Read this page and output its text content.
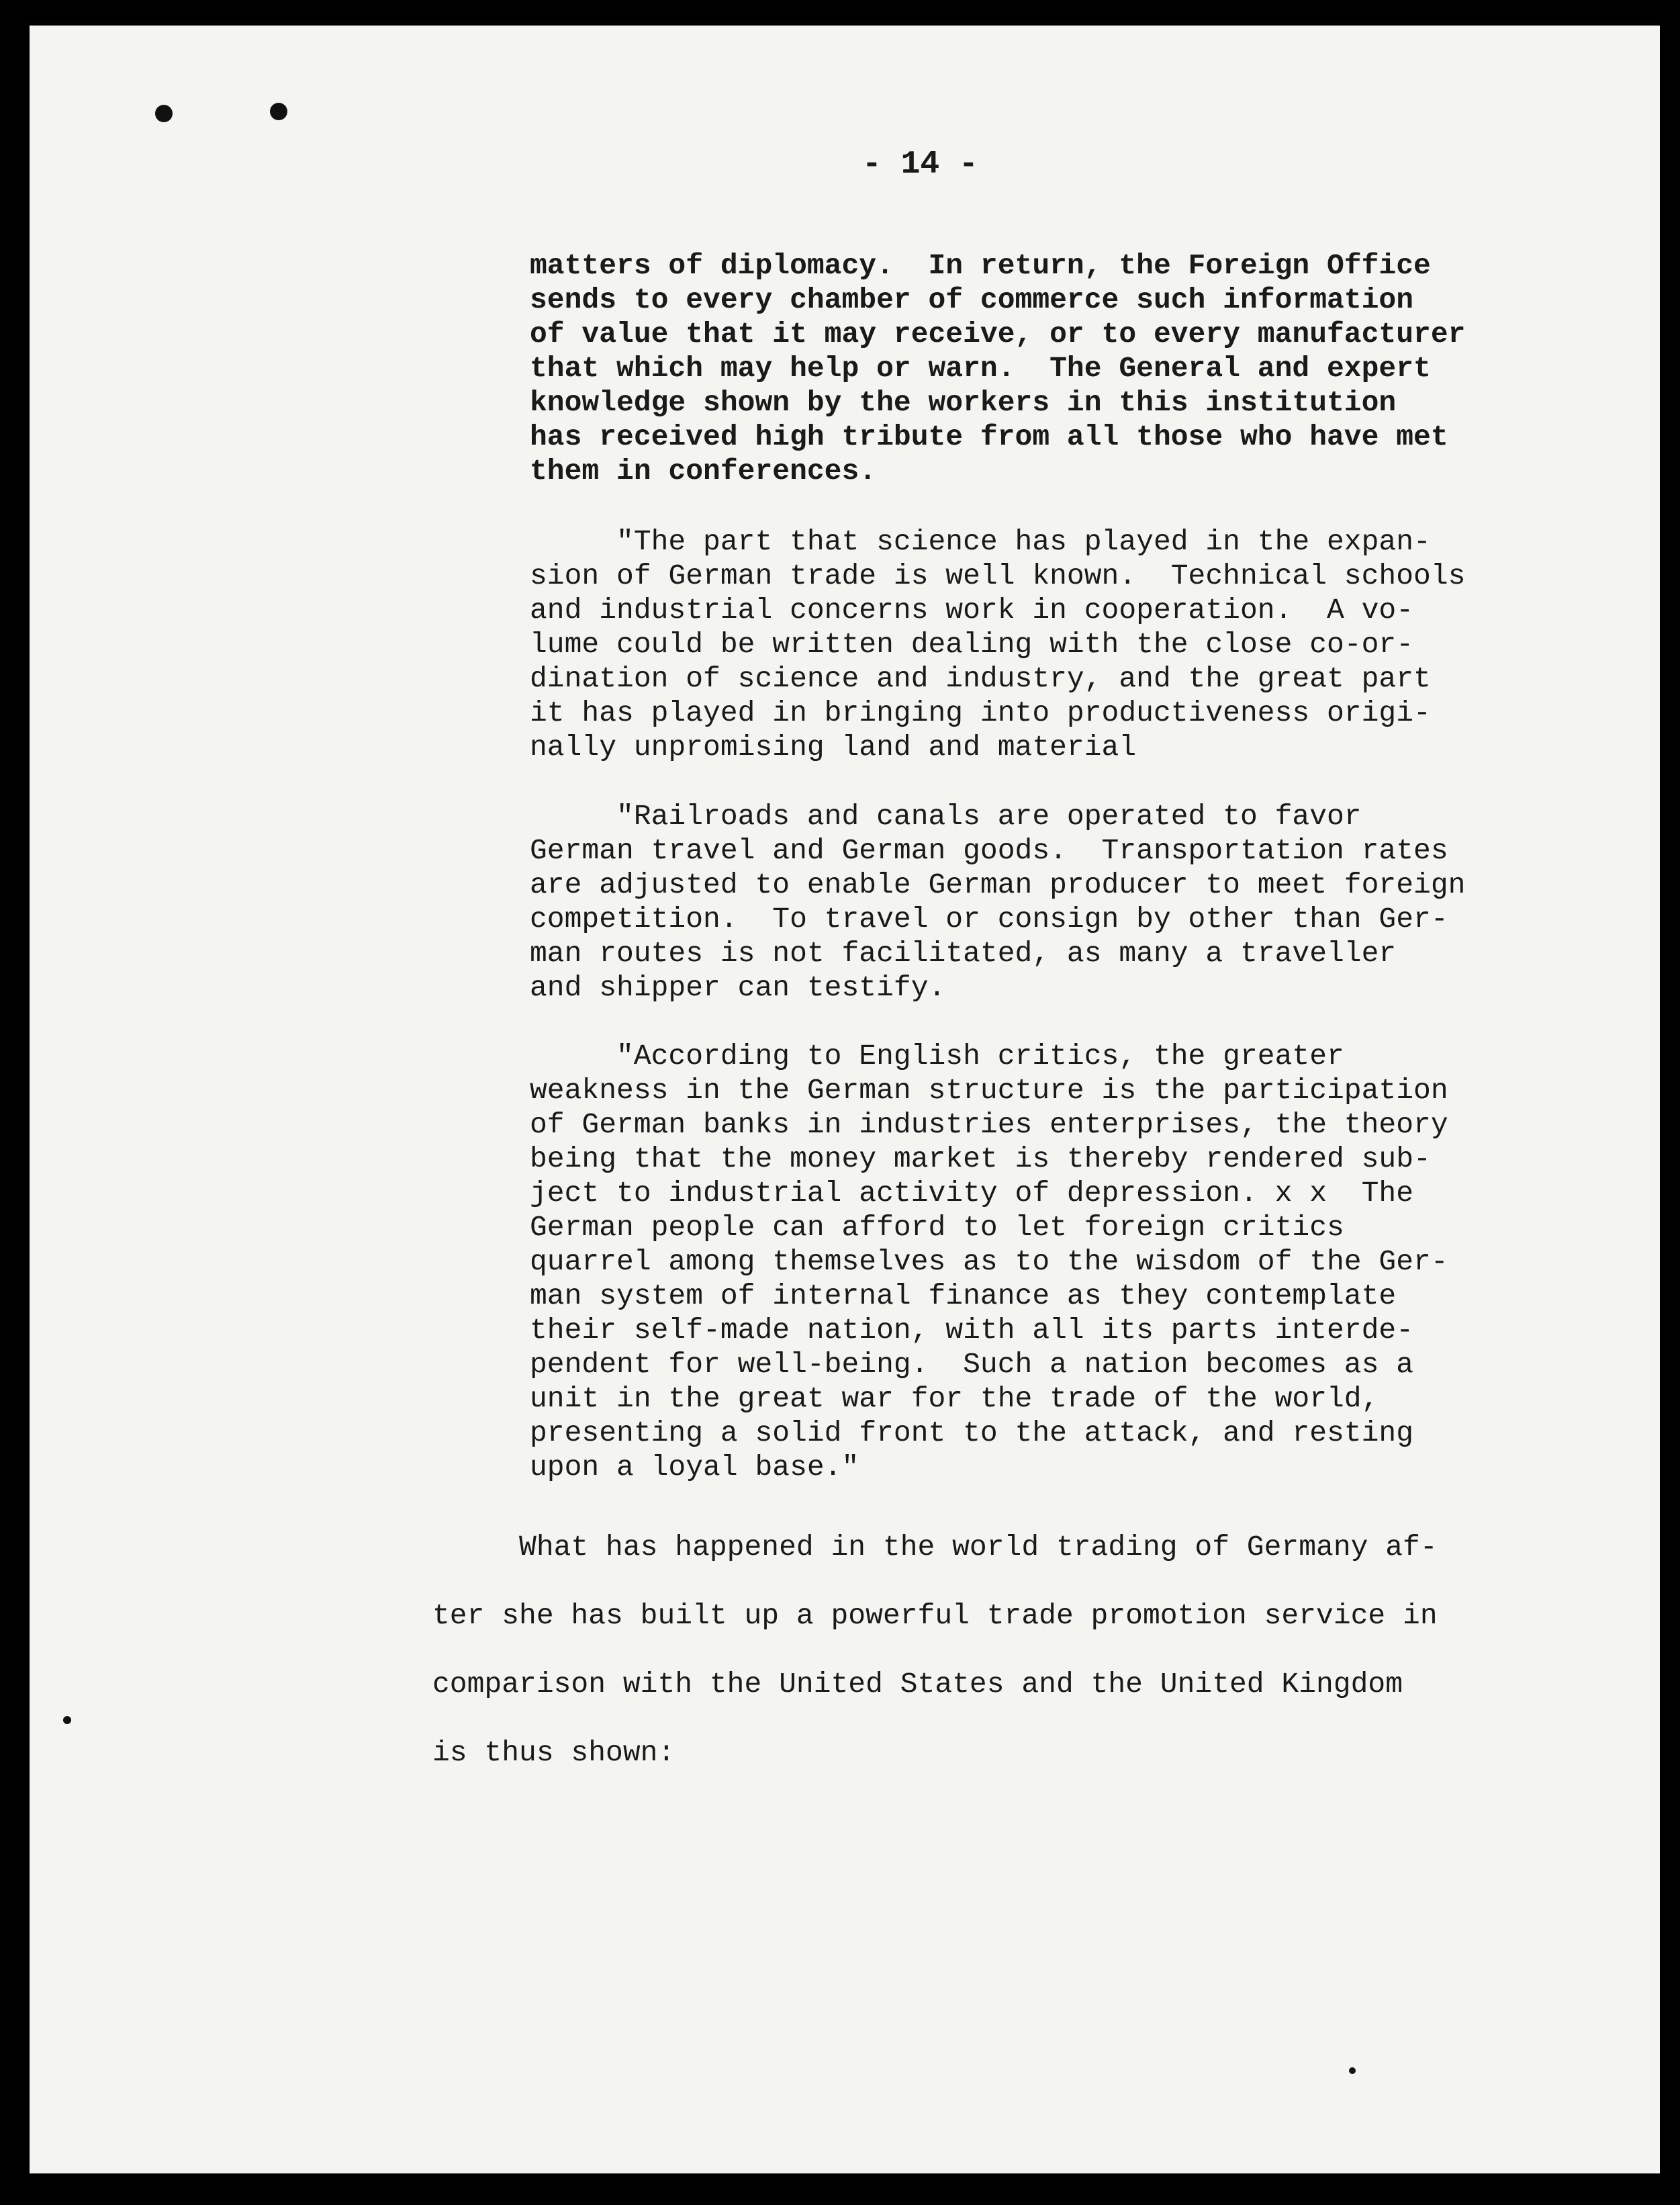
- 14 -

matters of diplomacy.  In return, the Foreign Office
sends to every chamber of commerce such information
of value that it may receive, or to every manufacturer
that which may help or warn.  The General and expert
knowledge shown by the workers in this institution
has received high tribute from all those who have met
them in conferences.

"The part that science has played in the expan-
sion of German trade is well known.  Technical schools
and industrial concerns work in cooperation.  A vo-
lume could be written dealing with the close co-or-
dination of science and industry, and the great part
it has played in bringing into productiveness origi-
nally unpromising land and material

"Railroads and canals are operated to favor
German travel and German goods.  Transportation rates
are adjusted to enable German producer to meet foreign
competition.  To travel or consign by other than Ger-
man routes is not facilitated, as many a traveller
and shipper can testify.

"According to English critics, the greater
weakness in the German structure is the participation
of German banks in industries enterprises, the theory
being that the money market is thereby rendered sub-
ject to industrial activity of depression. x x  The
German people can afford to let foreign critics
quarrel among themselves as to the wisdom of the Ger-
man system of internal finance as they contemplate
their self-made nation, with all its parts interde-
pendent for well-being.  Such a nation becomes as a
unit in the great war for the trade of the world,
presenting a solid front to the attack, and resting
upon a loyal base."

What has happened in the world trading of Germany af-
ter she has built up a powerful trade promotion service in
comparison with the United States and the United Kingdom
is thus shown:
